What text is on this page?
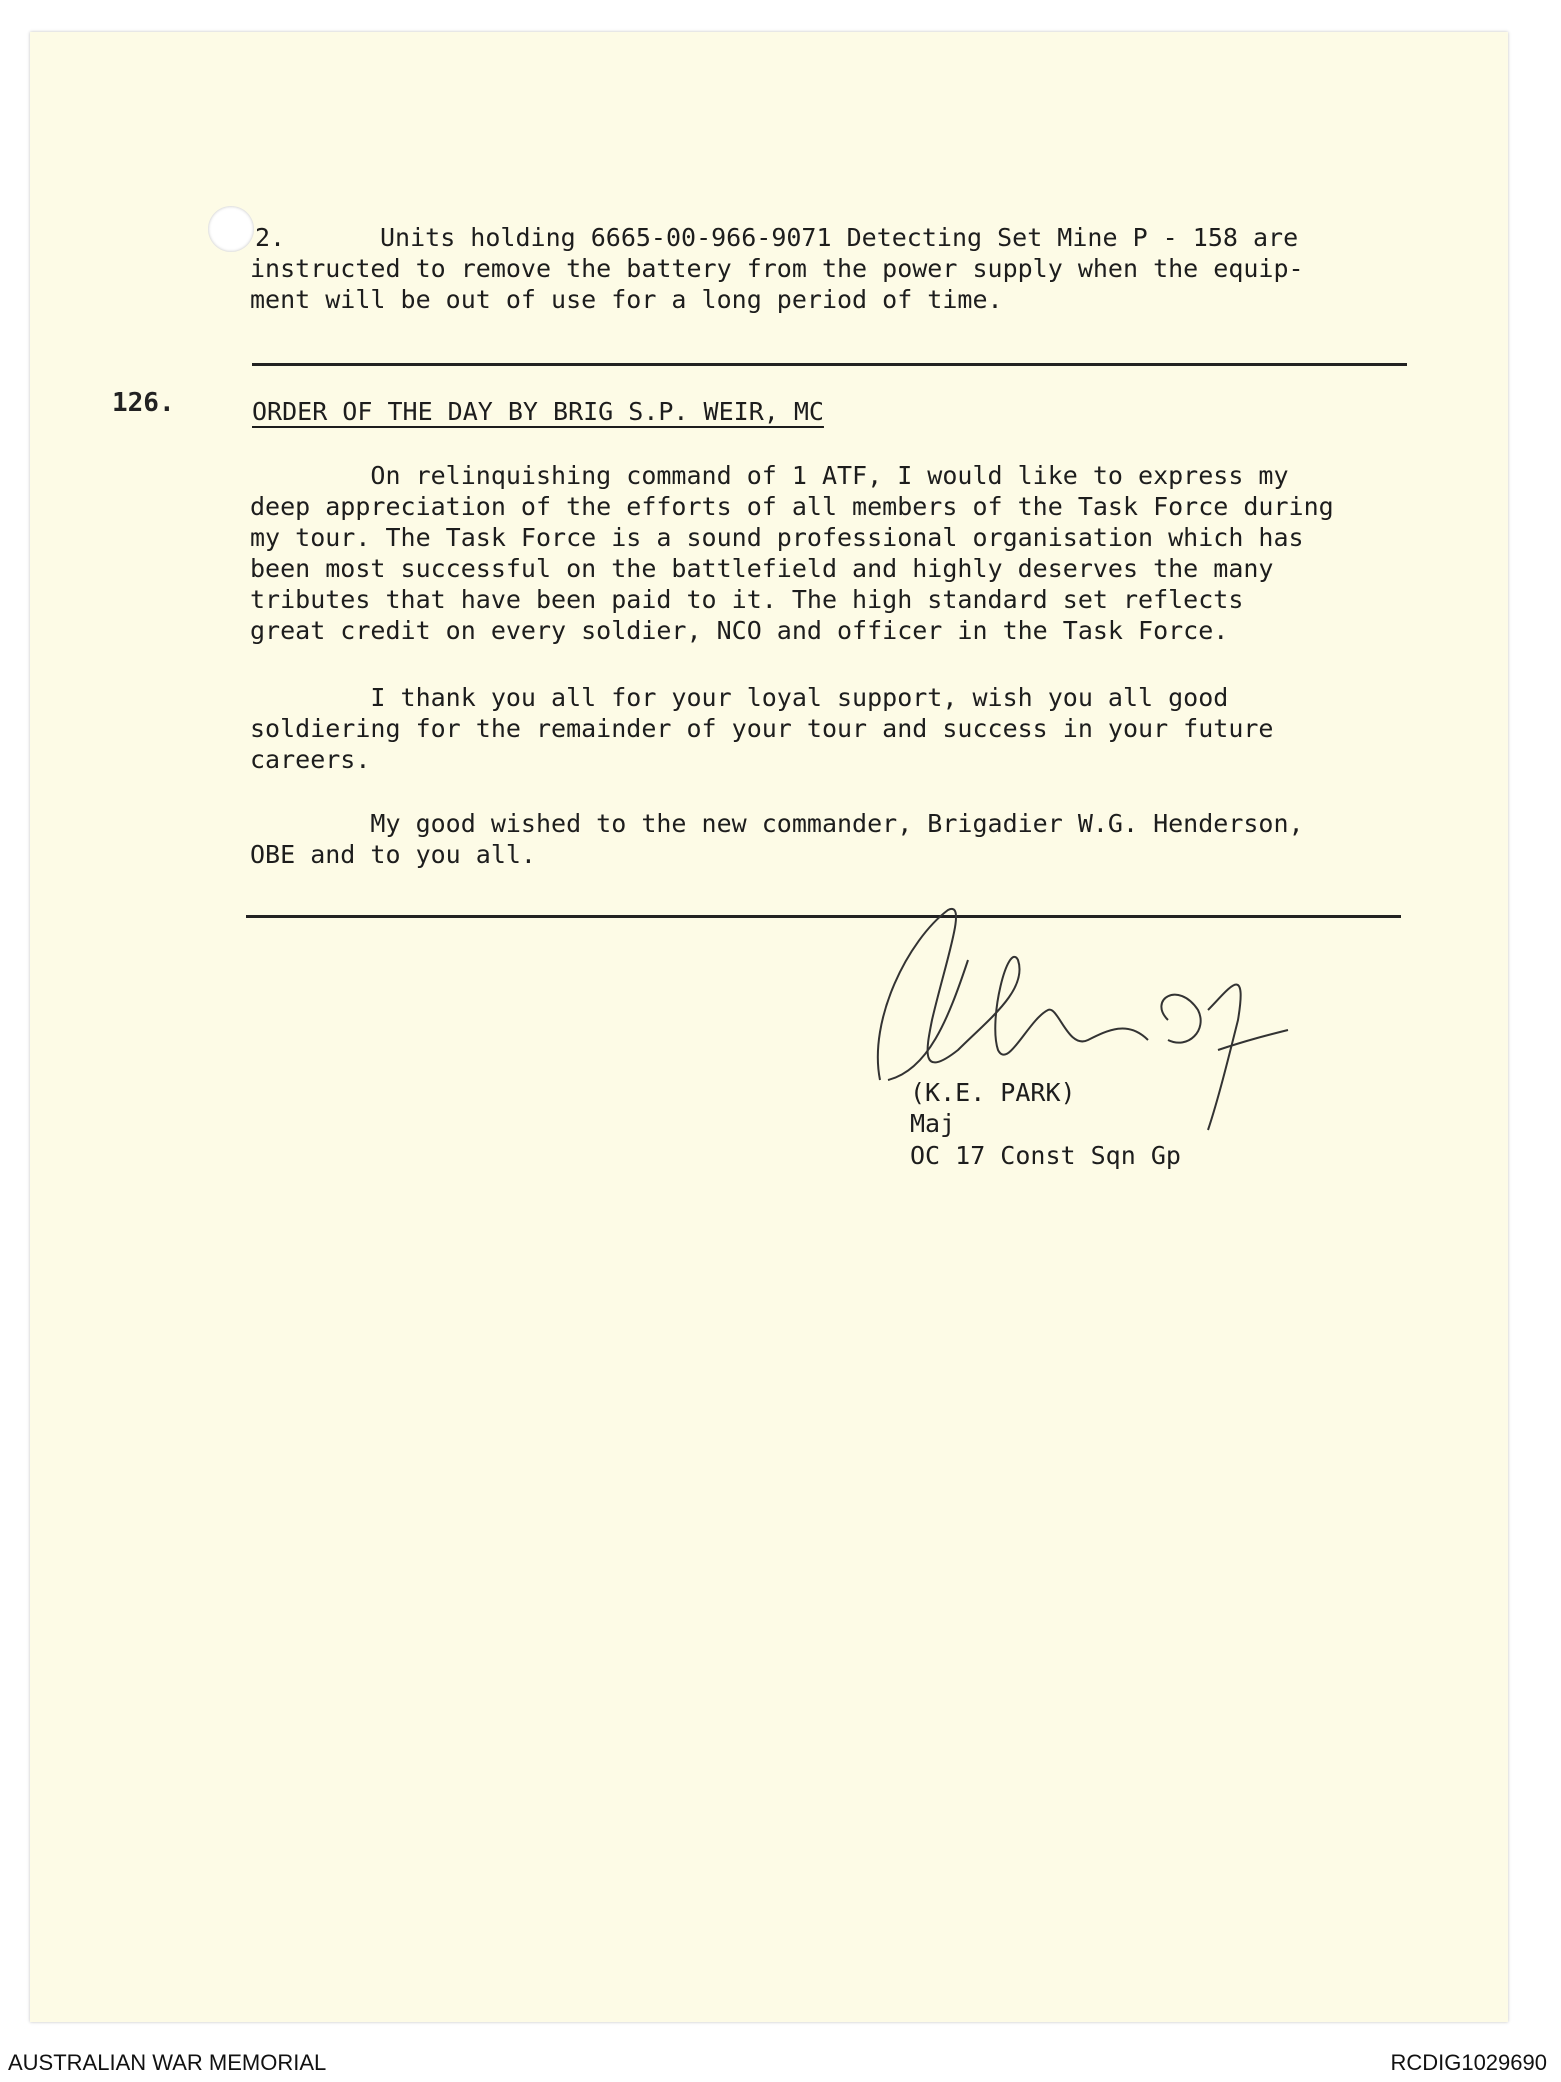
2.	Units holding 6665-00-966-9071 Detecting Set Mine P - 158 are
instructed to remove the battery from the power supply when the equip-
ment will be out of use for a long period of time.
126.	ORDER OF THE DAY BY BRIG S.P. WEIR, MC
On relinquishing command of 1 ATF, I would like to express my
deep appreciation of the efforts of all members of the Task Force during
my tour. The Task Force is a sound professional organisation which has
been most successful on the battlefield and highly deserves the many
tributes that have been paid to it. The high standard set reflects
great credit on every soldier, NCO and officer in the Task Force.
I thank you all for your loyal support, wish you all good
soldiering for the remainder of your tour and success in your future
careers.
My good wished to the new commander, Brigadier W.G. Henderson,
OBE and to you all.
(K.E. PARK)
Maj
OC 17 Const Sqn Gp
AUSTRALIAN WAR MEMORIAL	RCDIG1029690
